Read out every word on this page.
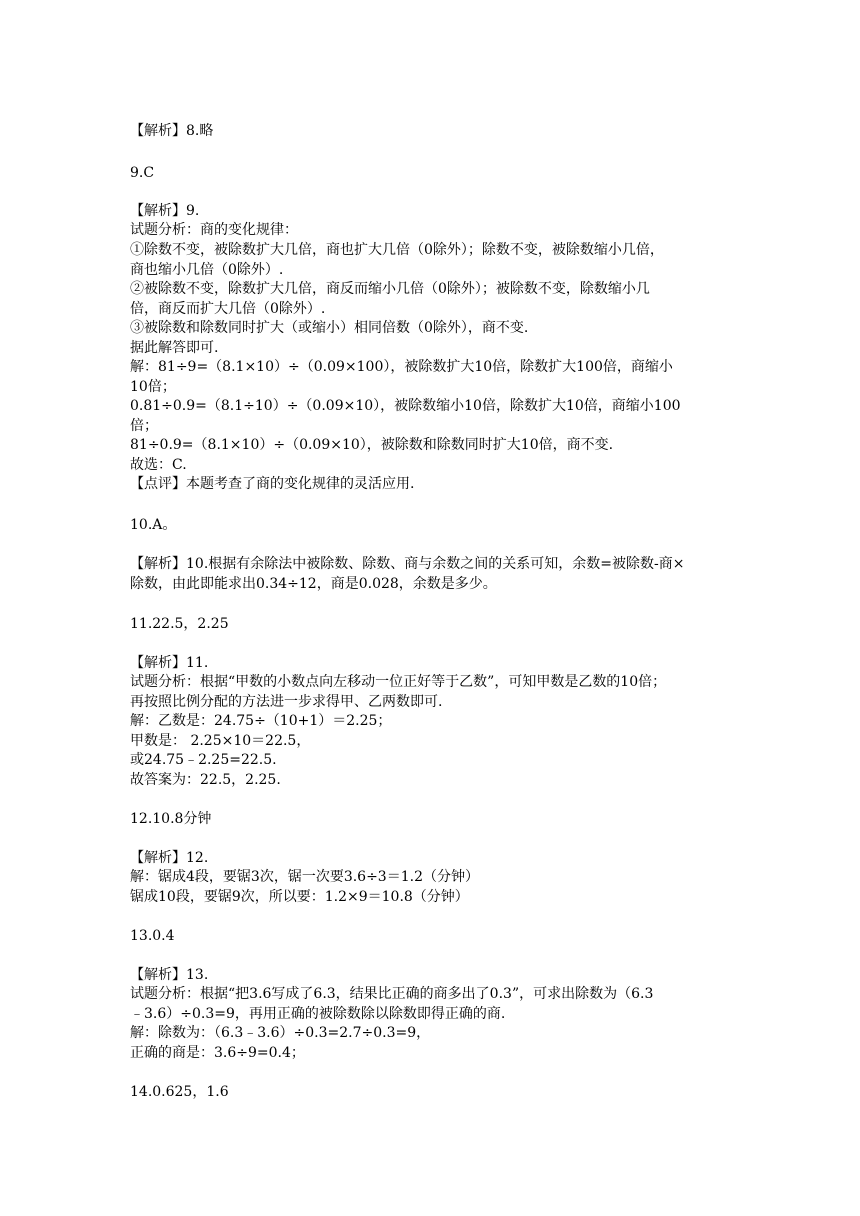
【解析】8.略
9.C
【解析】9.
试题分析：商的变化规律：
①除数不变，被除数扩大几倍，商也扩大几倍（0除外）；除数不变，被除数缩小几倍，
商也缩小几倍（0除外）.
②被除数不变，除数扩大几倍，商反而缩小几倍（0除外）；被除数不变，除数缩小几
倍，商反而扩大几倍（0除外）.
③被除数和除数同时扩大（或缩小）相同倍数（0除外），商不变.
据此解答即可.
解：81÷9=（8.1×10）÷（0.09×100），被除数扩大10倍，除数扩大100倍，商缩小
10倍；
0.81÷0.9=（8.1÷10）÷（0.09×10），被除数缩小10倍，除数扩大10倍，商缩小100
倍；
81÷0.9=（8.1×10）÷（0.09×10），被除数和除数同时扩大10倍，商不变.
故选：C.
【点评】本题考查了商的变化规律的灵活应用.
10.A。
【解析】10.根据有余除法中被除数、除数、商与余数之间的关系可知，余数=被除数-商×
除数，由此即能求出0.34÷12，商是0.028，余数是多少。
11.22.5，2.25
【解析】11.
试题分析：根据“甲数的小数点向左移动一位正好等于乙数”，可知甲数是乙数的10倍；
再按照比例分配的方法进一步求得甲、乙两数即可.
解：乙数是：24.75÷（10+1）＝2.25；
甲数是： 2.25×10＝22.5，
或24.75﹣2.25=22.5.
故答案为：22.5，2.25.
12.10.8分钟
【解析】12.
解：锯成4段，要锯3次，锯一次要3.6÷3＝1.2（分钟）
锯成10段，要锯9次，所以要：1.2×9＝10.8（分钟）
13.0.4
【解析】13.
试题分析：根据“把3.6写成了6.3，结果比正确的商多出了0.3”，可求出除数为（6.3
﹣3.6）÷0.3=9，再用正确的被除数除以除数即得正确的商.
解：除数为：（6.3﹣3.6）÷0.3=2.7÷0.3=9，
正确的商是：3.6÷9=0.4；
14.0.625，1.6
